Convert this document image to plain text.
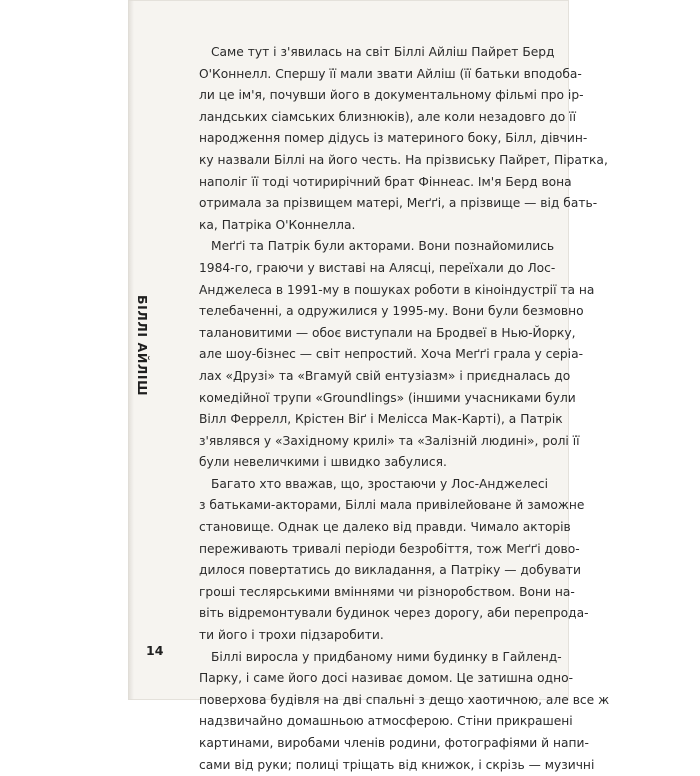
БІЛЛІ АЙЛІШ
14
Саме тут і з'явилась на світ Біллі Айліш Пайрет Берд
О'Коннелл. Спершу її мали звати Айліш (її батьки вподоба-
ли це ім'я, почувши його в документальному фільмі про ір-
ландських сіамських близнюків), але коли незадовго до її
народження помер дідусь із материного боку, Білл, дівчин-
ку назвали Біллі на його честь. На прізвиську Пайрет, Піратка,
наполіг її тоді чотирирічний брат Фіннеас. Ім'я Берд вона
отримала за прізвищем матері, Меґґі, а прізвище — від бать-
ка, Патріка О'Коннелла.
Меґґі та Патрік були акторами. Вони познайомились
1984-го, граючи у виставі на Алясці, переїхали до Лос-
Анджелеса в 1991-му в пошуках роботи в кіноіндустрії та на
телебаченні, а одружилися у 1995-му. Вони були безмовно
талановитими — обоє виступали на Бродвеї в Нью-Йорку,
але шоу-бізнес — світ непростий. Хоча Меґґі грала у серіа-
лах «Друзі» та «Вгамуй свій ентузіазм» і приєдналась до
комедійної трупи «Groundlings» (іншими учасниками були
Вілл Феррелл, Крістен Віґ і Мелісса Мак-Карті), а Патрік
з'являвся у «Західному крилі» та «Залізній людині», ролі її
були невеличкими і швидко забулися.
Багато хто вважав, що, зростаючи у Лос-Анджелесі
з батьками-акторами, Біллі мала привілейоване й заможне
становище. Однак це далеко від правди. Чимало акторів
переживають тривалі періоди безробіття, тож Меґґі дово-
дилося повертатись до викладання, а Патріку — добувати
гроші теслярськими вміннями чи різноробством. Вони на-
віть відремонтували будинок через дорогу, аби перепрода-
ти його і трохи підзаробити.
Біллі виросла у придбаному ними будинку в Гайленд-
Парку, і саме його досі називає домом. Це затишна одно-
поверхова будівля на дві спальні з дещо хаотичною, але все ж
надзвичайно домашньою атмосферою. Стіни прикрашені
картинами, виробами членів родини, фотографіями й напи-
сами від руки; полиці тріщать від книжок, і скрізь — музичні
